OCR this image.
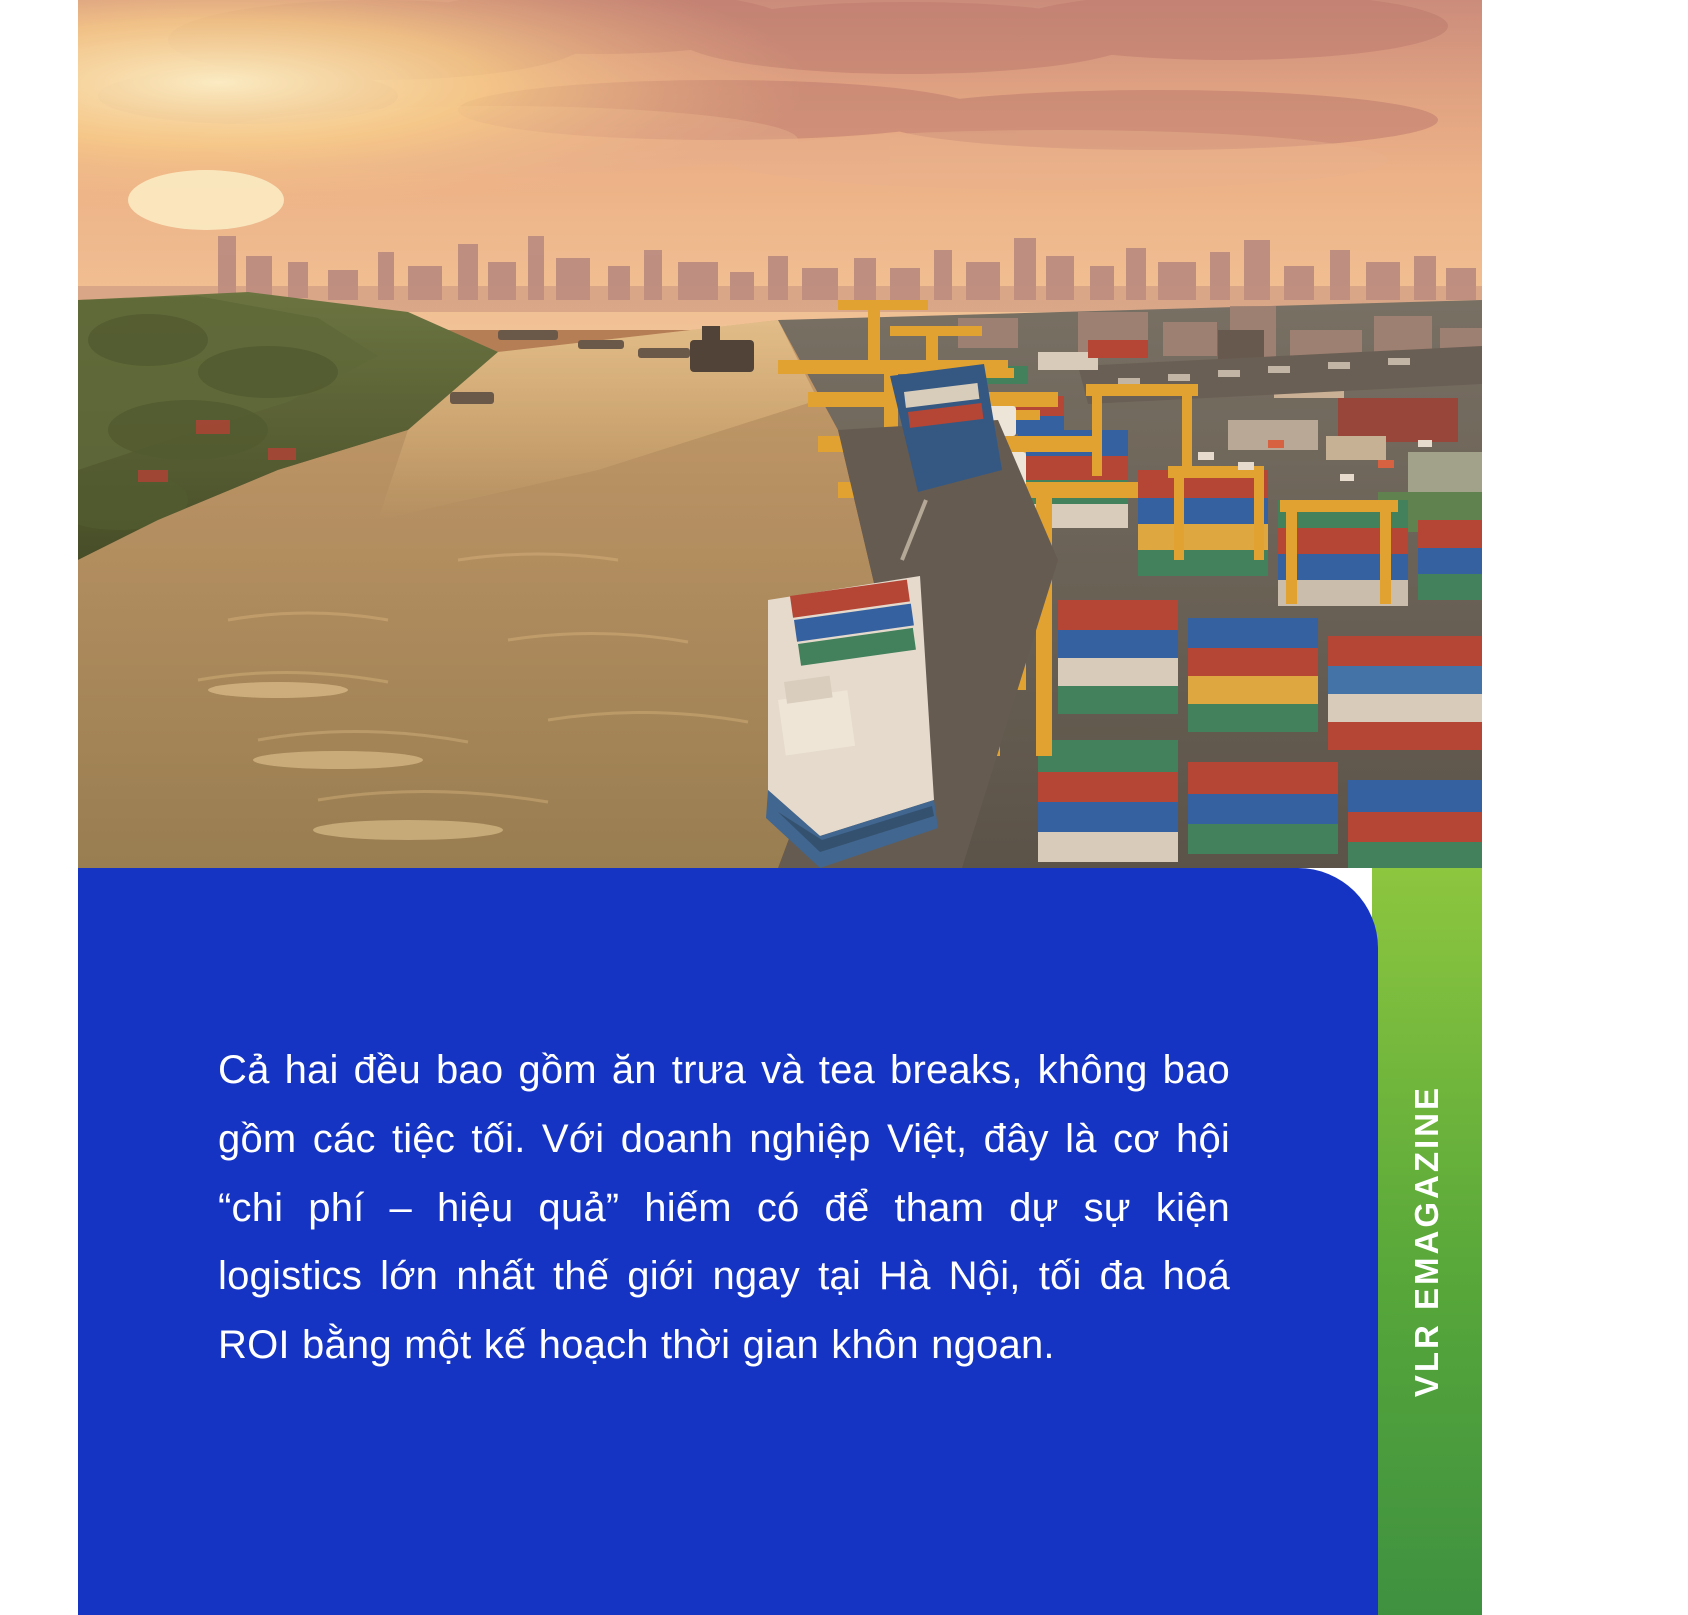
VLR EMAGAZINE

Cả hai đều bao gồm ăn trưa và tea breaks, không bao gồm các tiệc tối. Với doanh nghiệp Việt, đây là cơ hội “chi phí – hiệu quả” hiếm có để tham dự sự kiện logistics lớn nhất thế giới ngay tại Hà Nội, tối đa hoá ROI bằng một kế hoạch thời gian khôn ngoan.
